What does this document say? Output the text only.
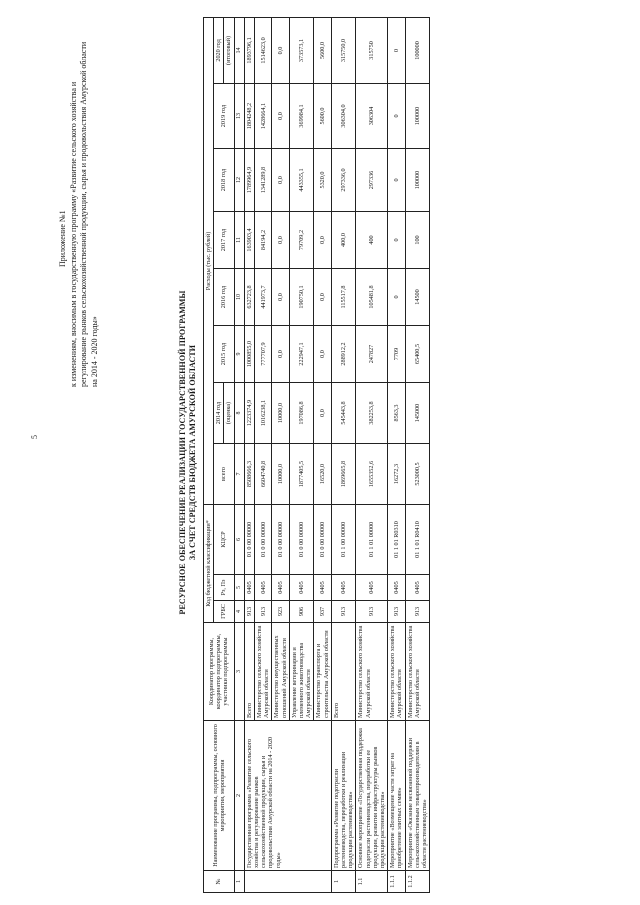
5
Приложение №1 к изменениям, вносимым в государственную программу «Развитие сельского хозяйства и регулирование рынков сельскохозяйственной продукции, сырья и продовольствия Амурской области на 2014 - 2020 годы»	РЕСУРСНОЕ ОБЕСПЕЧЕНИЕ РЕАЛИЗАЦИИ ГОСУДАРСТВЕННОЙ ПРОГРАММЫ ЗА СЧЕТ СРЕДСТВ БЮДЖЕТА АМУРСКОЙ ОБЛАСТИ
№	Наименование программы, подпрограммы, основного мероприятия, мероприятия	Координатор программы, координатор подпрограммы, участники подпрограммы	Код бюджетной классификации*			Расходы (тыс. рублей)							
			ГРБС	Рз, Пз	КЦСР	всего	2014 год	2015 год	2016 год	2017 год	2018 год	2019 год	2020 год
							(оценка)						(итоговый)
1	2	3	4	5	6	7	8	9	10	11	12	13	14
	Государственная программа «Развитие сельского хозяйства и регулирование рынков сельскохозяйственной продукции, сырья и продовольствия Амурской области на 2014 - 2020 годы»	Всего	913	0405	01 0 00 00000	8508666,3	1223374,9	1000855,0	632723,8	163903,4	1789964,9	1804248,2	1893796,1
		Министерство сельского хозяйства Амурской области	913	0405	01 0 00 00000	6604740,8	1016238,1	777707,9	441973,7	84194,2	1341289,8	1428664,1	1514623,0
		Министерство имущественных отношений Амурской области	923	0405	01 0 00 00000	10000,0	10000,0	0,0	0,0	0,0	0,0	0,0	0,0
		Управление ветеринарии и племенного животноводства Амурской области	906	0405	01 0 00 00000	1877405,5	197086,8	222947,1	190750,1	79709,2	443355,1	369984,1	373573,1
		Министерство транспорта и строительства Амурской области	937	0405	01 0 00 00000	16520,0	0,0	0,0	0,0	0,0	5320,0	5600,0	5600,0
1	Подпрограмма «Развитие подотрасли растениеводства, переработки и реализации продукции растениеводства»	Всего	913	0405	01 1 00 00000	1869665,8	545443,8	288912,2	115517,8	400,0	297336,0	306304,0	315750,0
1.1	Основное мероприятие «Государственная поддержка подотрасли растениеводства, переработки ее продукции, развития инфраструктуры рынков продукции растениеводства»	Министерство сельского хозяйства Амурской области	913	0405	01 1 01 00000	1655352,6	382253,8	247827	105481,8	400	297336	306304	315750
1.1.1	Мероприятие «Возмещение части затрат на приобретение элитных семян»	Министерство сельского хозяйства Амурской области	913	0405	01 1 01 R0310	16272,3	8563,3	7709	0	0	0	0	0
1.1.2	Мероприятие «Оказание несвязанной поддержки сельскохозяйственным товаропроизводителям в области растениеводства»	Министерство сельского хозяйства Амурской области	913	0405	01 1 01 R0410	523000,5	145000	65400,5	14500	100	100000	100000	100000
